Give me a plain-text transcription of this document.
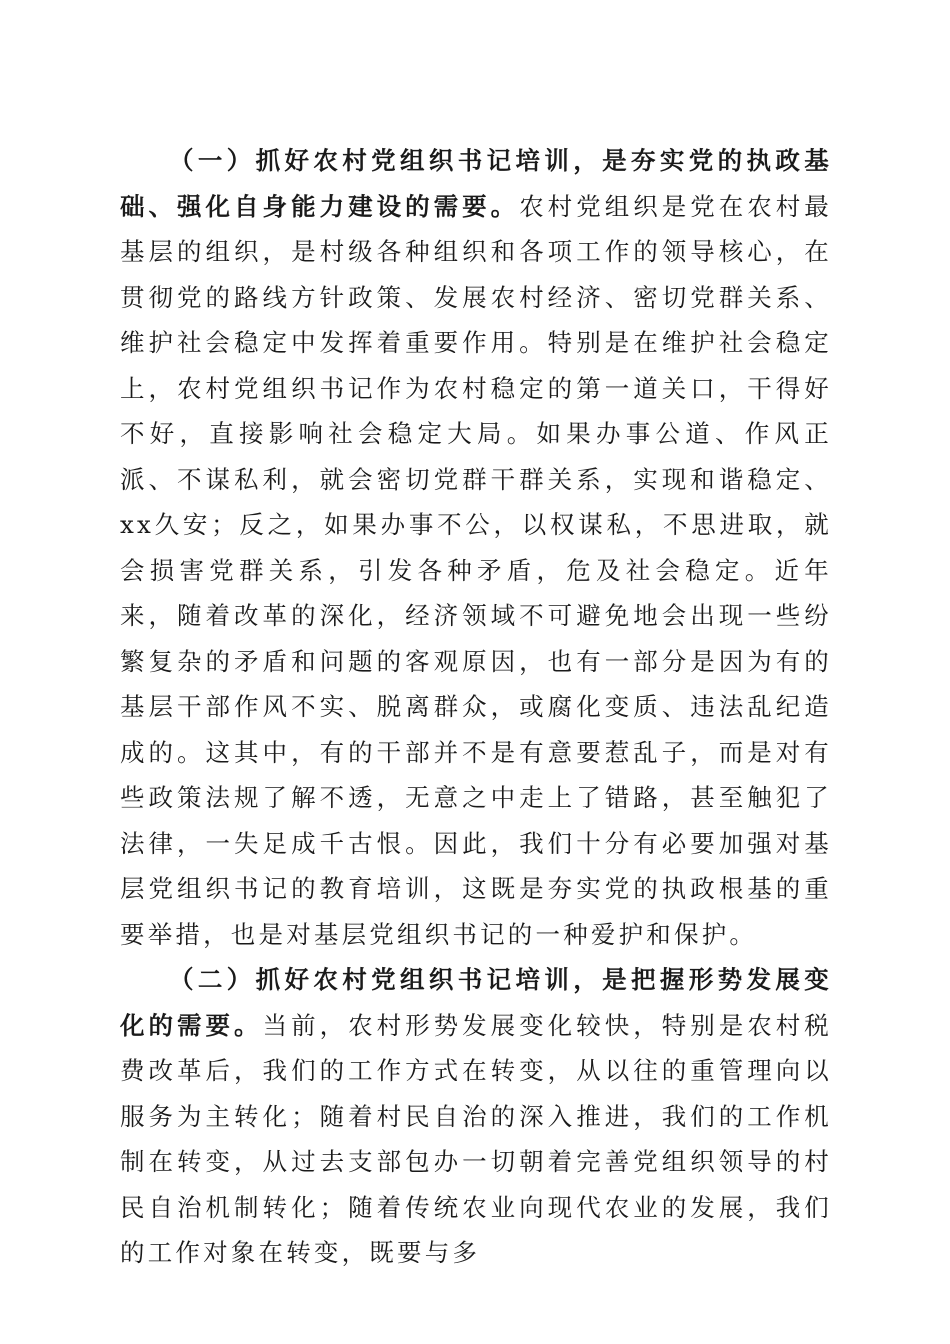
（一）抓好农村党组织书记培训，是夯实党的执政基础、强化自身能力建设的需要。农村党组织是党在农村最基层的组织，是村级各种组织和各项工作的领导核心，在贯彻党的路线方针政策、发展农村经济、密切党群关系、维护社会稳定中发挥着重要作用。特别是在维护社会稳定上，农村党组织书记作为农村稳定的第一道关口，干得好不好，直接影响社会稳定大局。如果办事公道、作风正派、不谋私利，就会密切党群干群关系，实现和谐稳定、xx久安；反之，如果办事不公，以权谋私，不思进取，就会损害党群关系，引发各种矛盾，危及社会稳定。近年来，随着改革的深化，经济领域不可避免地会出现一些纷繁复杂的矛盾和问题的客观原因，也有一部分是因为有的基层干部作风不实、脱离群众，或腐化变质、违法乱纪造成的。这其中，有的干部并不是有意要惹乱子，而是对有些政策法规了解不透，无意之中走上了错路，甚至触犯了法律，一失足成千古恨。因此，我们十分有必要加强对基层党组织书记的教育培训，这既是夯实党的执政根基的重要举措，也是对基层党组织书记的一种爱护和保护。

（二）抓好农村党组织书记培训，是把握形势发展变化的需要。当前，农村形势发展变化较快，特别是农村税费改革后，我们的工作方式在转变，从以往的重管理向以服务为主转化；随着村民自治的深入推进，我们的工作机制在转变，从过去支部包办一切朝着完善党组织领导的村民自治机制转化；随着传统农业向现代农业的发展，我们的工作对象在转变，既要与多
